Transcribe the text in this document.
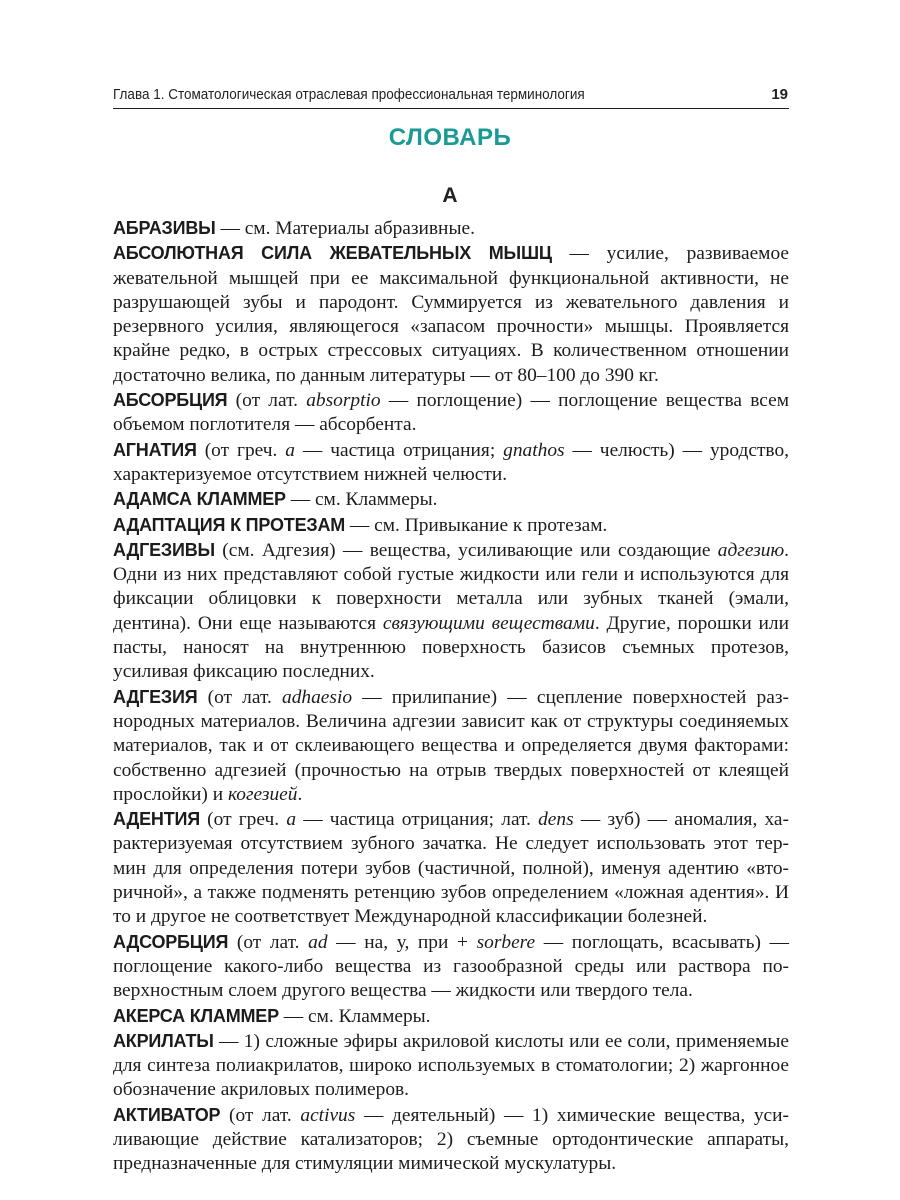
Глава 1. Стоматологическая отраслевая профессиональная терминология	19
СЛОВАРЬ
А

АБРАЗИВЫ — см. Материалы абразивные.

АБСОЛЮТНАЯ СИЛА ЖЕВАТЕЛЬНЫХ МЫШЦ — усилие, развиваемое жевательной мышцей при ее максимальной функциональной активности, не разрушающей зубы и пародонт. Суммируется из жевательного давления и резервного усилия, являющегося «запасом прочности» мышцы. Проявляется крайне редко, в острых стрессовых ситуациях. В количественном отношении достаточно велика, по данным литературы — от 80–100 до 390 кг.

АБСОРБЦИЯ (от лат. absorptio — поглощение) — поглощение вещества всем объемом поглотителя — абсорбента.

АГНАТИЯ (от греч. a — частица отрицания; gnathos — челюсть) — уродство, характеризуемое отсутствием нижней челюсти.

АДАМСА КЛАММЕР — см. Кламмеры.

АДАПТАЦИЯ К ПРОТЕЗАМ — см. Привыкание к протезам.

АДГЕЗИВЫ (см. Адгезия) — вещества, усиливающие или создающие адгезию. Одни из них представляют собой густые жидкости или гели и используются для фиксации облицовки к поверхности металла или зубных тканей (эмали, дентина). Они еще называются связующими веществами. Другие, порошки или пасты, наносят на внутреннюю поверхность базисов съемных протезов, усиливая фиксацию последних.

АДГЕЗИЯ (от лат. adhaesio — прилипание) — сцепление поверхностей разнородных материалов. Величина адгезии зависит как от структуры соединяемых материалов, так и от склеивающего вещества и определяется двумя факторами: собственно адгезией (прочностью на отрыв твердых поверхностей от клеящей прослойки) и когезией.

АДЕНТИЯ (от греч. a — частица отрицания; лат. dens — зуб) — аномалия, характеризуемая отсутствием зубного зачатка. Не следует использовать этот термин для определения потери зубов (частичной, полной), именуя адентию «вторичной», а также подменять ретенцию зубов определением «ложная адентия». И то и другое не соответствует Международной классификации болезней.

АДСОРБЦИЯ (от лат. ad — на, у, при + sorbere — поглощать, всасывать) — поглощение какого-либо вещества из газообразной среды или раствора поверхностным слоем другого вещества — жидкости или твердого тела.

АКЕРСА КЛАММЕР — см. Кламмеры.

АКРИЛАТЫ — 1) сложные эфиры акриловой кислоты или ее соли, применяемые для синтеза полиакрилатов, широко используемых в стоматологии; 2) жаргонное обозначение акриловых полимеров.

АКТИВАТОР (от лат. activus — деятельный) — 1) химические вещества, усиливающие действие катализаторов; 2) съемные ортодонтические аппараты, предназначенные для стимуляции мимической мускулатуры.
